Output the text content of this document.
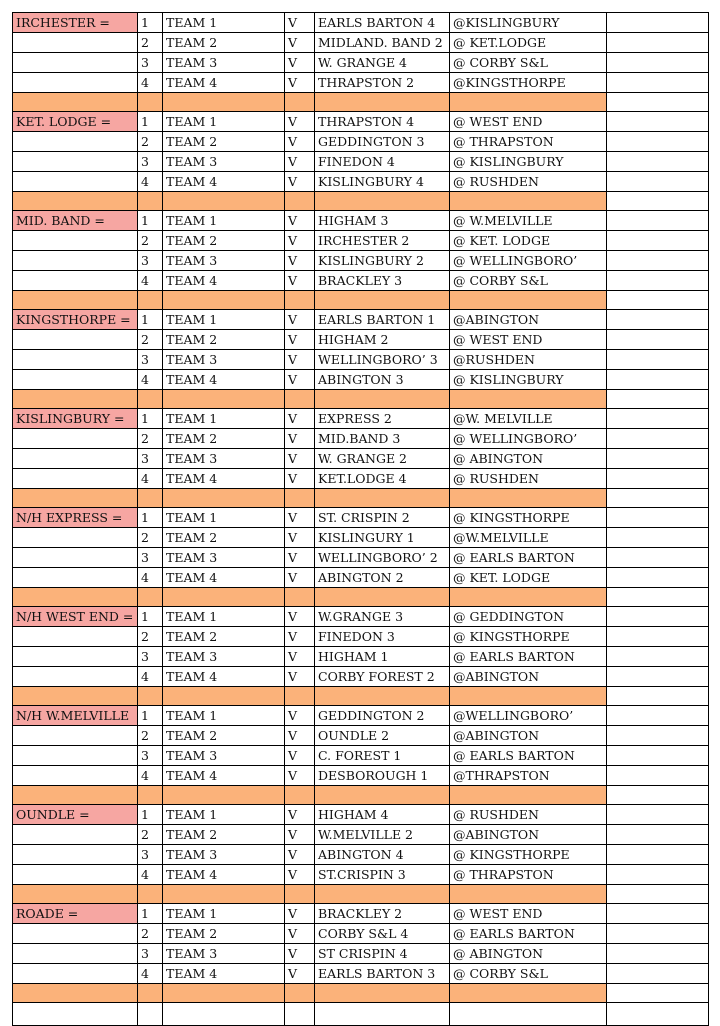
IRCHESTER =	1	TEAM 1	V	EARLS BARTON 4	@KISLINGBURY	
	2	TEAM 2	V	MIDLAND. BAND 2	@ KET.LODGE	
	3	TEAM 3	V	W. GRANGE 4	@ CORBY S&L	
	4	TEAM 4	V	THRAPSTON 2	@KINGSTHORPE	

KET. LODGE =	1	TEAM 1	V	THRAPSTON 4	@ WEST END	
	2	TEAM 2	V	GEDDINGTON 3	@ THRAPSTON	
	3	TEAM 3	V	FINEDON 4	@ KISLINGBURY	
	4	TEAM 4	V	KISLINGBURY 4	@ RUSHDEN	

MID. BAND =	1	TEAM 1	V	HIGHAM 3	@ W.MELVILLE	
	2	TEAM 2	V	IRCHESTER 2	@ KET. LODGE	
	3	TEAM 3	V	KISLINGBURY 2	@ WELLINGBORO’	
	4	TEAM 4	V	BRACKLEY 3	@ CORBY S&L	

KINGSTHORPE =	1	TEAM 1	V	EARLS BARTON 1	@ABINGTON	
	2	TEAM 2	V	HIGHAM 2	@ WEST END	
	3	TEAM 3	V	WELLINGBORO’ 3	@RUSHDEN	
	4	TEAM 4	V	ABINGTON 3	@ KISLINGBURY	

KISLINGBURY =	1	TEAM 1	V	EXPRESS 2	@W. MELVILLE	
	2	TEAM 2	V	MID.BAND 3	@ WELLINGBORO’	
	3	TEAM 3	V	W. GRANGE 2	@ ABINGTON	
	4	TEAM 4	V	KET.LODGE 4	@ RUSHDEN	

N/H EXPRESS =	1	TEAM 1	V	ST. CRISPIN 2	@ KINGSTHORPE	
	2	TEAM 2	V	KISLINGURY 1	@W.MELVILLE	
	3	TEAM 3	V	WELLINGBORO’ 2	@ EARLS BARTON	
	4	TEAM 4	V	ABINGTON 2	@ KET. LODGE	

N/H WEST END =	1	TEAM 1	V	W.GRANGE 3	@ GEDDINGTON	
	2	TEAM 2	V	FINEDON 3	@ KINGSTHORPE	
	3	TEAM 3	V	HIGHAM 1	@ EARLS BARTON	
	4	TEAM 4	V	CORBY FOREST 2	@ABINGTON	

N/H W.MELVILLE	1	TEAM 1	V	GEDDINGTON 2	@WELLINGBORO’	
	2	TEAM 2	V	OUNDLE 2	@ABINGTON	
	3	TEAM 3	V	C. FOREST 1	@ EARLS BARTON	
	4	TEAM 4	V	DESBOROUGH 1	@THRAPSTON	

OUNDLE =	1	TEAM 1	V	HIGHAM 4	@ RUSHDEN	
	2	TEAM 2	V	W.MELVILLE 2	@ABINGTON	
	3	TEAM 3	V	ABINGTON 4	@ KINGSTHORPE	
	4	TEAM 4	V	ST.CRISPIN 3	@ THRAPSTON	

ROADE =	1	TEAM 1	V	BRACKLEY 2	@ WEST END	
	2	TEAM 2	V	CORBY S&L 4	@ EARLS BARTON	
	3	TEAM 3	V	ST CRISPIN 4	@ ABINGTON	
	4	TEAM 4	V	EARLS BARTON 3	@ CORBY S&L	
